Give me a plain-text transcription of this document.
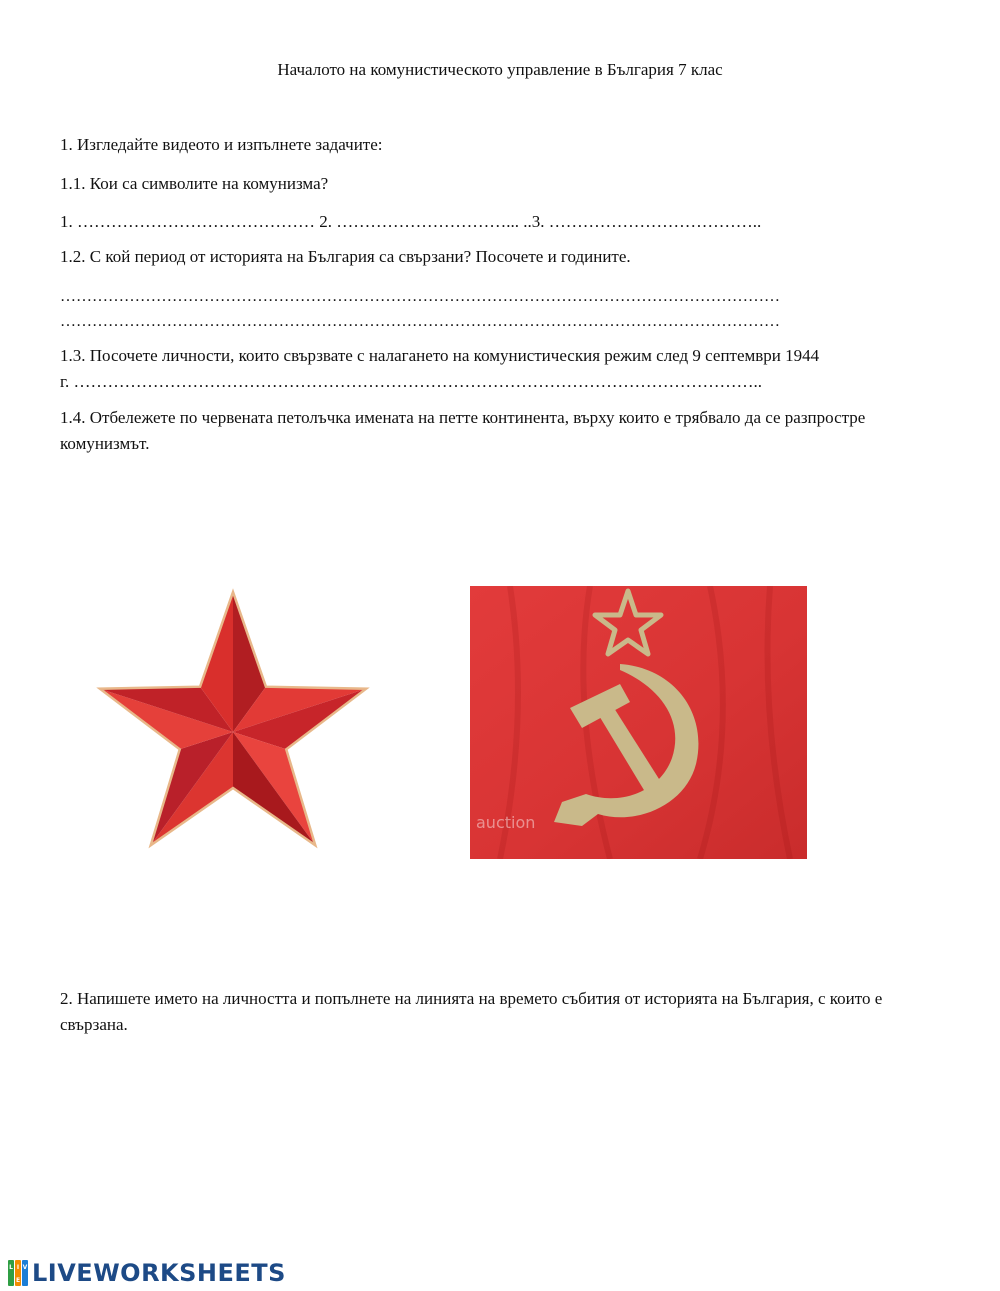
Началото на комунистическото управление в България 7 клас
1. Изгледайте видеото и изпълнете задачите:
1.1. Кои са символите на комунизма?
1. …………………………………… 2. …………………………... ..3. ………………………………..
1.2. С кой период от историята на България са свързани? Посочете и годините.
………………………………………………………………………………………………………………………
………………………………………………………………………………………………………………………
1.3. Посочете личности, които свързвате с налагането на комунистическия режим след 9 септември 1944
г. …………………………………………………………………………………………………………..
1.4. Отбележете по червената петолъчка имената на петте континента, върху които е трябвало да се разпростре комунизмът.
auction
2. Напишете името на личността и попълнете на линията на времето събития от историята на България, с които е свързана.
L I V
E LIVEWORKSHEETS
